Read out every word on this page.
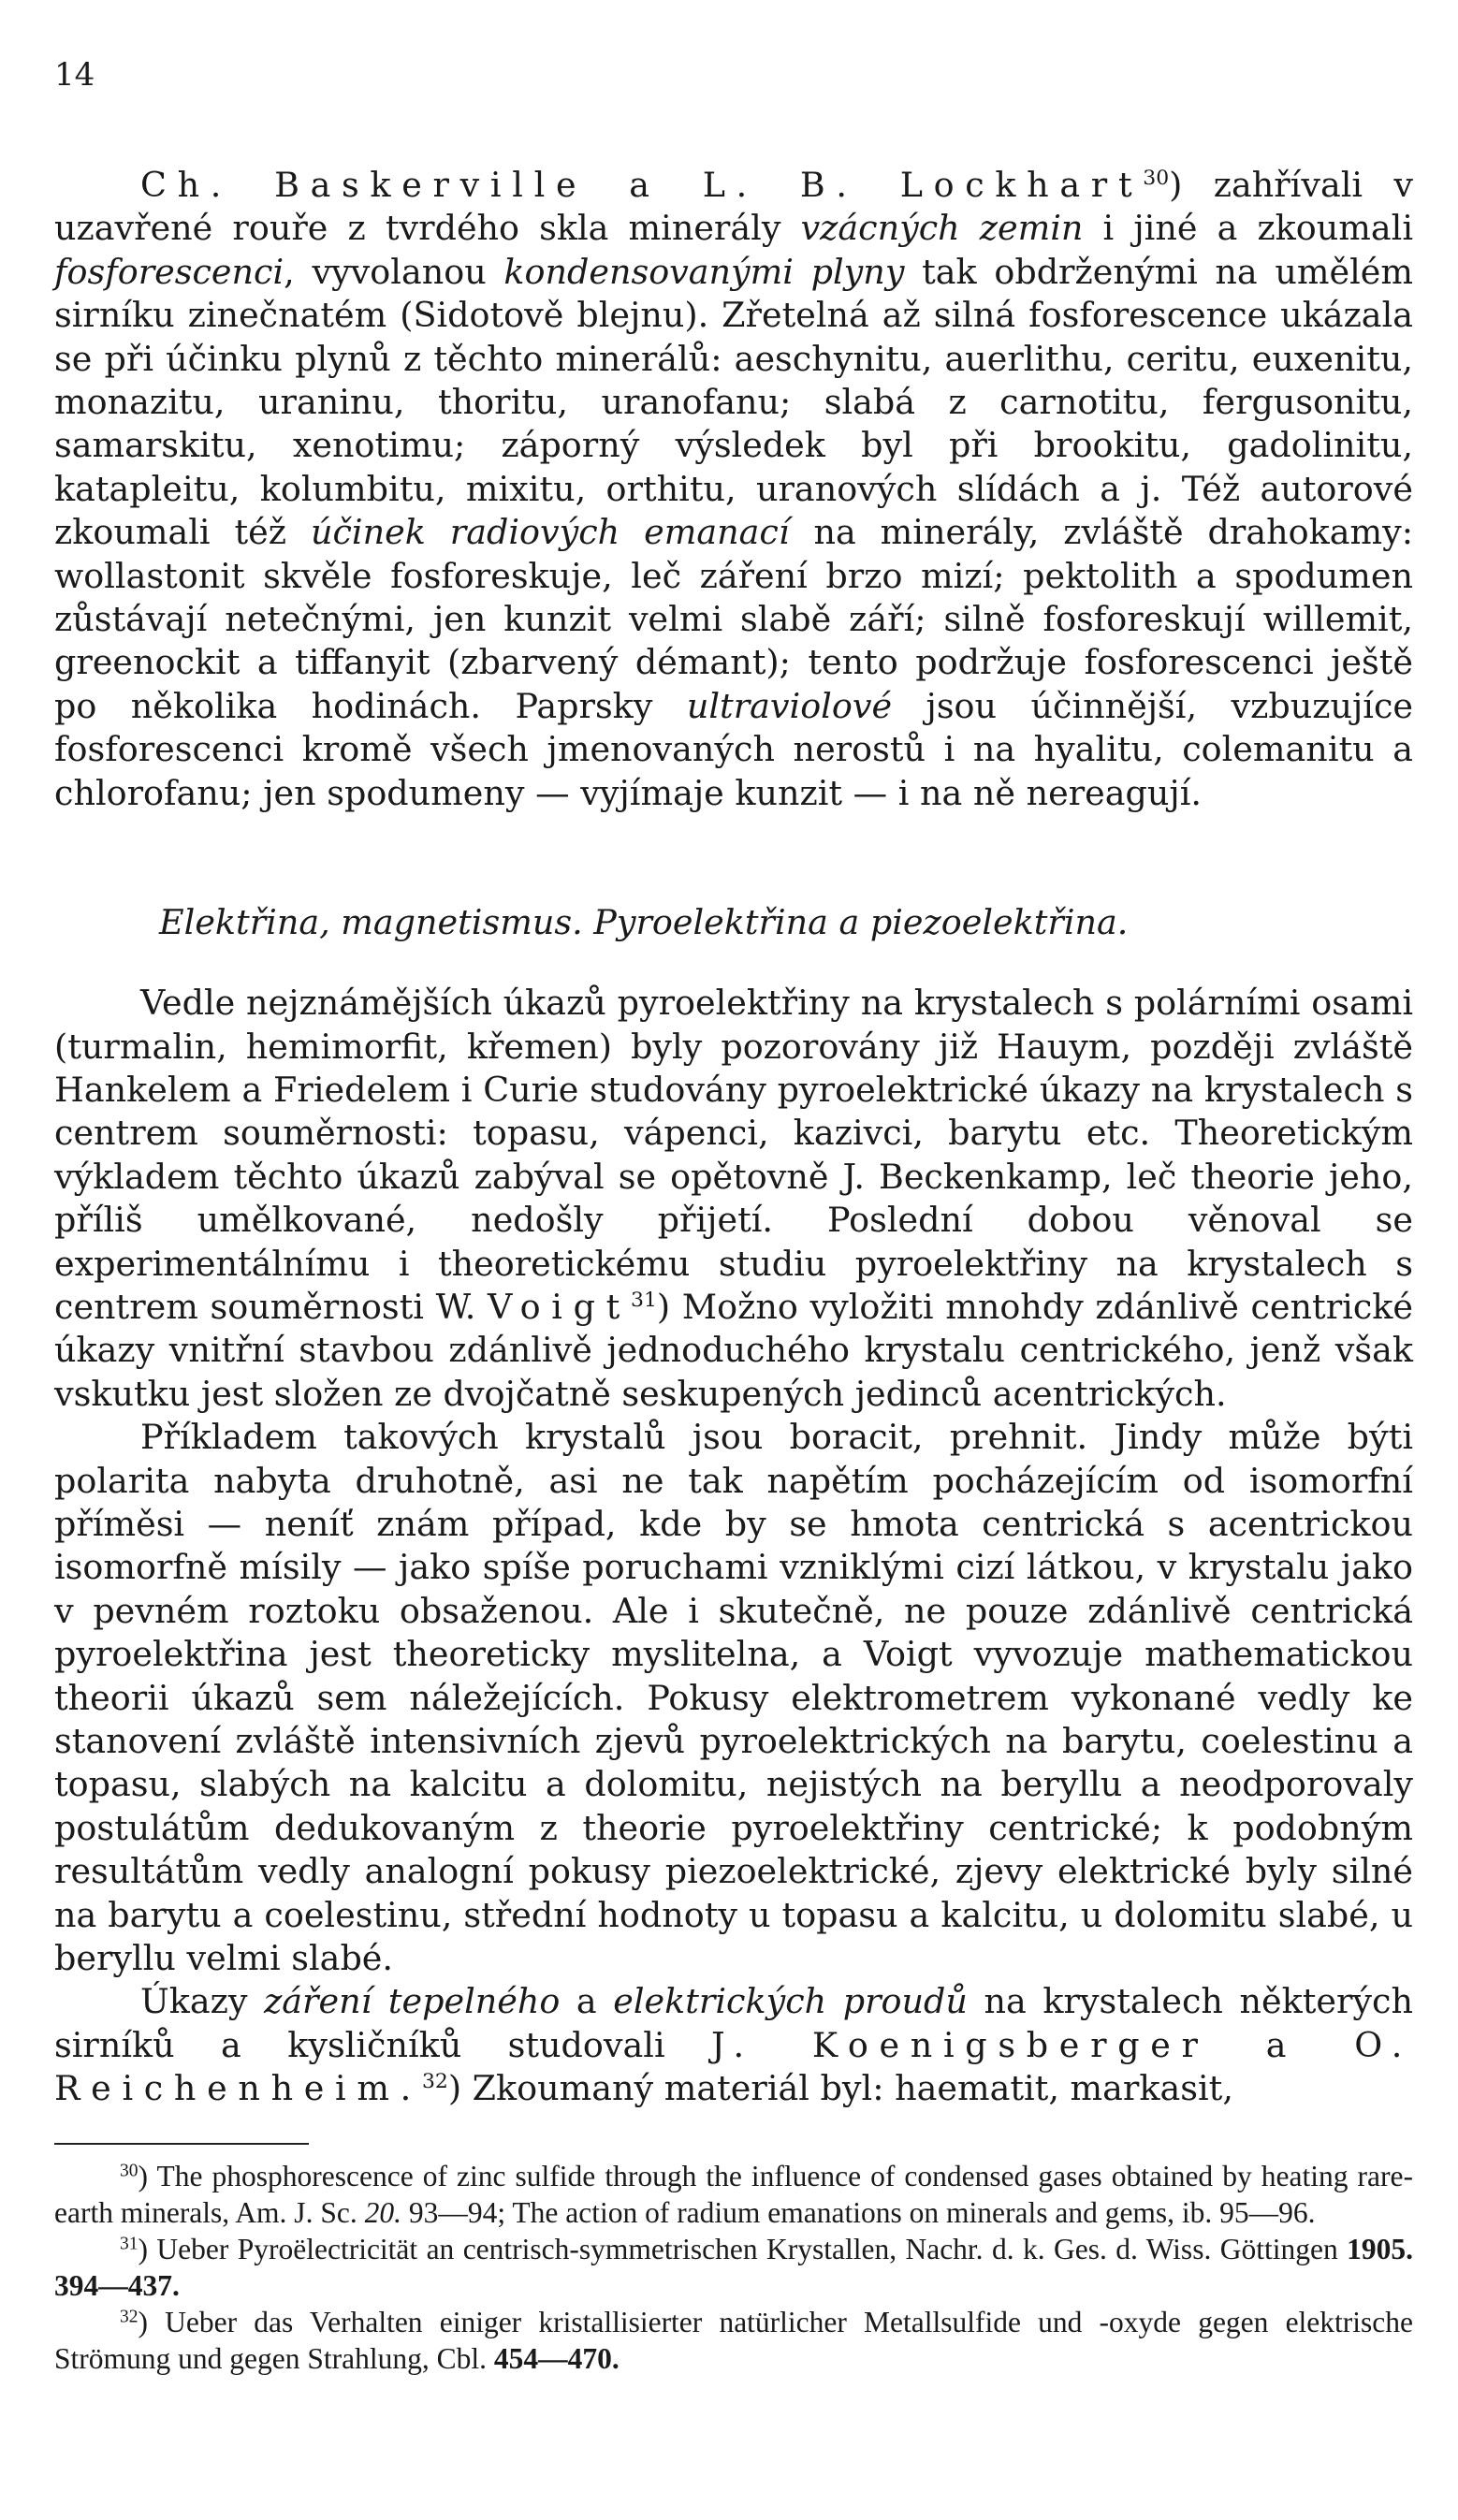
14

Ch. Baskerville a L. B. Lockhart$^{30}$) zahřívali v uzavřené rouře z tvrdého skla minerály vzácných zemin i jiné a zkoumali fosforescenci, vyvolanou kondensovanými plyny tak obdrženými na umělém sirníku zinečnatém (Sidotově blejnu). Zřetelná až silná fosforescence ukázala se při účinku plynů z těchto minerálů: aeschynitu, auerlithu, ceritu, euxenitu, monazitu, uraninu, thoritu, uranofanu; slabá z carnotitu, fergusonitu, samarskitu, xenotimu; záporný výsledek byl při brookitu, gadolinitu, katapleitu, kolumbitu, mixitu, orthitu, uranových slídách a j. Též autorové zkoumali též účinek radiových emanací na minerály, zvláště drahokamy: wollastonit skvěle fosforeskuje, leč záření brzo mizí; pektolith a spodumen zůstávají netečnými, jen kunzit velmi slabě září; silně fosforeskují willemit, greenockit a tiffanyit (zbarvený démant); tento podržuje fosforescenci ještě po několika hodinách. Paprsky ultraviolové jsou účinnější, vzbuzujíce fosforescenci kromě všech jmenovaných nerostů i na hyalitu, colemanitu a chlorofanu; jen spodumeny — vyjímaje kunzit — i na ně nereagují.

Elektřina, magnetismus. Pyroelektřina a piezoelektřina.

Vedle nejznámějších úkazů pyroelektřiny na krystalech s polárními osami (turmalin, hemimorfit, křemen) byly pozorovány již Hauym, později zvláště Hankelem a Friedelem i Curie studovány pyroelektrické úkazy na krystalech s centrem souměrnosti: topasu, vápenci, kazivci, barytu etc. Theoretickým výkladem těchto úkazů zabýval se opětovně J. Beckenkamp, leč theorie jeho, příliš umělkované, nedošly přijetí. Poslední dobou věnoval se experimentálnímu i theoretickému studiu pyroelektřiny na krystalech s centrem souměrnosti W. Voigt$^{31}$) Možno vyložiti mnohdy zdánlivě centrické úkazy vnitřní stavbou zdánlivě jednoduchého krystalu centrického, jenž však vskutku jest složen ze dvojčatně seskupených jedinců acentrických.

Příkladem takových krystalů jsou boracit, prehnit. Jindy může býti polarita nabyta druhotně, asi ne tak napětím pocházejícím od isomorfní příměsi — neníť znám případ, kde by se hmota centrická s acentrickou isomorfně mísily — jako spíše poruchami vzniklými cizí látkou, v krystalu jako v pevném roztoku obsaženou. Ale i skutečně, ne pouze zdánlivě centrická pyroelektřina jest theoreticky myslitelna, a Voigt vyvozuje mathematickou theorii úkazů sem náležejících. Pokusy elektrometrem vykonané vedly ke stanovení zvláště intensivních zjevů pyroelektrických na barytu, coelestinu a topasu, slabých na kalcitu a dolomitu, nejistých na beryllu a neodporovaly postulátům dedukovaným z theorie pyroelektřiny centrické; k podobným resultátům vedly analogní pokusy piezoelektrické, zjevy elektrické byly silné na barytu a coelestinu, střední hodnoty u topasu a kalcitu, u dolomitu slabé, u beryllu velmi slabé.

Úkazy záření tepelného a elektrických proudů na krystalech některých sirníků a kysličníků studovali J. Koenigsberger a O. Reichenheim.$^{32}$) Zkoumaný materiál byl: haematit, markasit,

$^{30}$) The phosphorescence of zinc sulfide through the influence of condensed gases obtained by heating rare-earth minerals, Am. J. Sc. 20. 93—94; The action of radium emanations on minerals and gems, ib. 95—96.

$^{31}$) Ueber Pyroëlectricität an centrisch-symmetrischen Krystallen, Nachr. d. k. Ges. d. Wiss. Göttingen 1905. 394—437.

$^{32}$) Ueber das Verhalten einiger kristallisierter natürlicher Metallsulfide und -oxyde gegen elektrische Strömung und gegen Strahlung, Cbl. 454—470.
